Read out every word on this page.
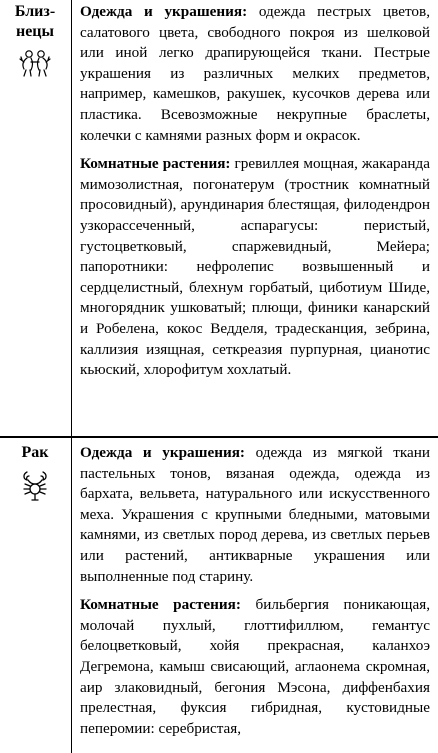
Близ-
нецы

Одежда и украшения: одежда пестрых цветов, салатового цвета, свободного покроя из шелковой или иной легко драпирующейся ткани. Пестрые украшения из различных мелких предметов, например, камешков, ракушек, кусочков дерева или пластика. Всевозможные некрупные браслеты, колечки с камнями разных форм и окрасок.

Комнатные растения: гревиллея мощная, жакаранда мимозолистная, погонатерум (тростник комнатный просовидный), арундинария блестящая, филодендрон узкорассеченный, аспарагусы: перистый, густоцветковый, спаржевидный, Мейера; папоротники: нефролепис возвышенный и сердцелистный, блехнум горбатый, циботиум Шиде, многорядник ушковатый; плющи, финики канарский и Робелена, кокос Ведделя, традесканция, зебрина, каллизия изящная, сеткреазия пурпурная, цианотис кьюский, хлорофитум хохлатый.

Рак	Одежда и украшения: одежда из мягкой ткани пастельных тонов, вязаная одежда, одежда из бархата, вельвета, натурального или искусственного меха. Украшения с крупными бледными, матовыми камнями, из светлых пород дерева, из светлых перьев или растений, антикварные украшения или выполненные под старину.

Комнатные растения: бильбергия поникающая, молочай пухлый, глоттифиллюм, гемантус белоцветковый, хойя прекрасная, каланхоэ Дегремона, камыш свисающий, аглаонема скромная, аир злаковидный, бегония Мэсона, диффенбахия прелестная, фуксия гибридная, кустовидные пеперомии: серебристая,
